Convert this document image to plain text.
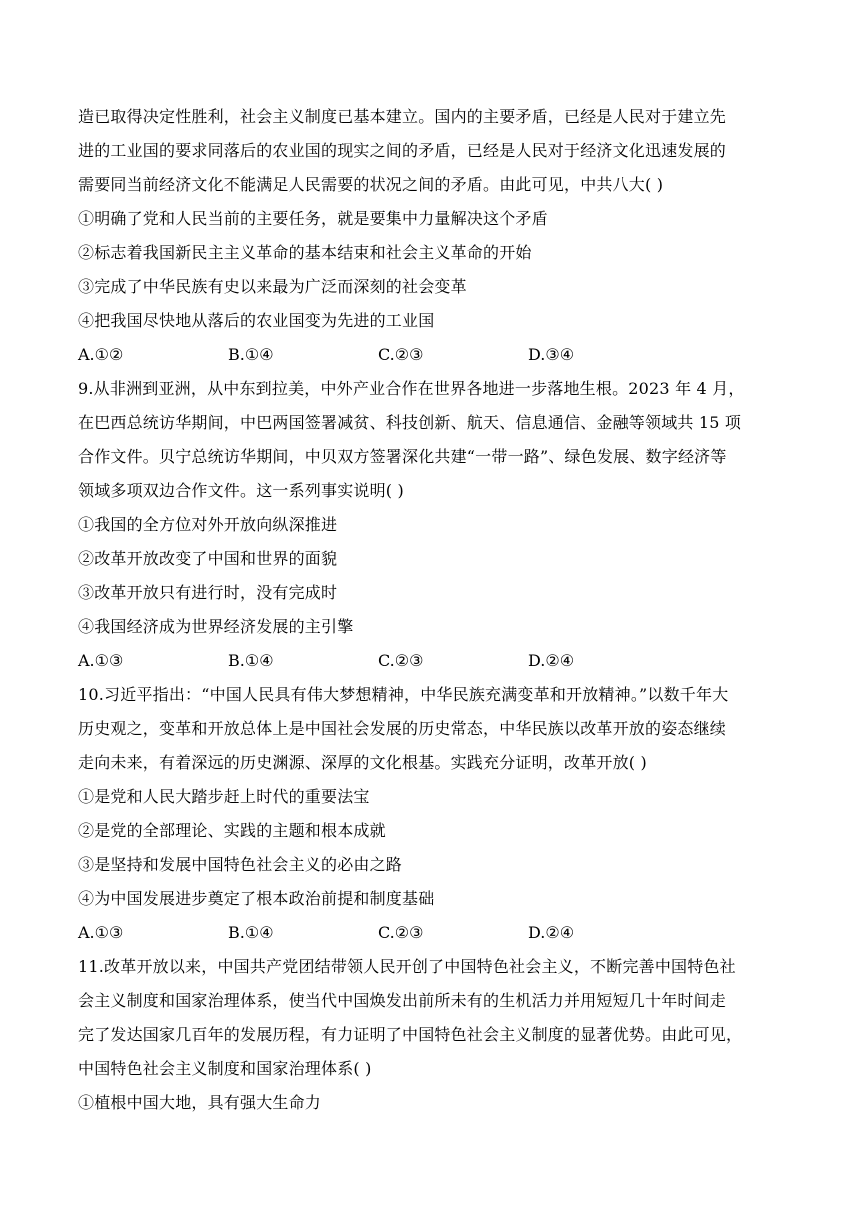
造已取得决定性胜利，社会主义制度已基本建立。国内的主要矛盾，已经是人民对于建立先
进的工业国的要求同落后的农业国的现实之间的矛盾，已经是人民对于经济文化迅速发展的
需要同当前经济文化不能满足人民需要的状况之间的矛盾。由此可见，中共八大( )
①明确了党和人民当前的主要任务，就是要集中力量解决这个矛盾
②标志着我国新民主主义革命的基本结束和社会主义革命的开始
③完成了中华民族有史以来最为广泛而深刻的社会变革
④把我国尽快地从落后的农业国变为先进的工业国
A.①②	B.①④	C.②③	D.③④
9.从非洲到亚洲，从中东到拉美，中外产业合作在世界各地进一步落地生根。2023 年 4 月，
在巴西总统访华期间，中巴两国签署减贫、科技创新、航天、信息通信、金融等领域共 15 项
合作文件。贝宁总统访华期间，中贝双方签署深化共建“一带一路”、绿色发展、数字经济等
领域多项双边合作文件。这一系列事实说明( )
①我国的全方位对外开放向纵深推进
②改革开放改变了中国和世界的面貌
③改革开放只有进行时，没有完成时
④我国经济成为世界经济发展的主引擎
A.①③	B.①④	C.②③	D.②④
10.习近平指出：“中国人民具有伟大梦想精神，中华民族充满变革和开放精神。”以数千年大
历史观之，变革和开放总体上是中国社会发展的历史常态，中华民族以改革开放的姿态继续
走向未来，有着深远的历史渊源、深厚的文化根基。实践充分证明，改革开放( )
①是党和人民大踏步赶上时代的重要法宝
②是党的全部理论、实践的主题和根本成就
③是坚持和发展中国特色社会主义的必由之路
④为中国发展进步奠定了根本政治前提和制度基础
A.①③	B.①④	C.②③	D.②④
11.改革开放以来，中国共产党团结带领人民开创了中国特色社会主义，不断完善中国特色社
会主义制度和国家治理体系，使当代中国焕发出前所未有的生机活力并用短短几十年时间走
完了发达国家几百年的发展历程，有力证明了中国特色社会主义制度的显著优势。由此可见，
中国特色社会主义制度和国家治理体系( )
①植根中国大地，具有强大生命力
